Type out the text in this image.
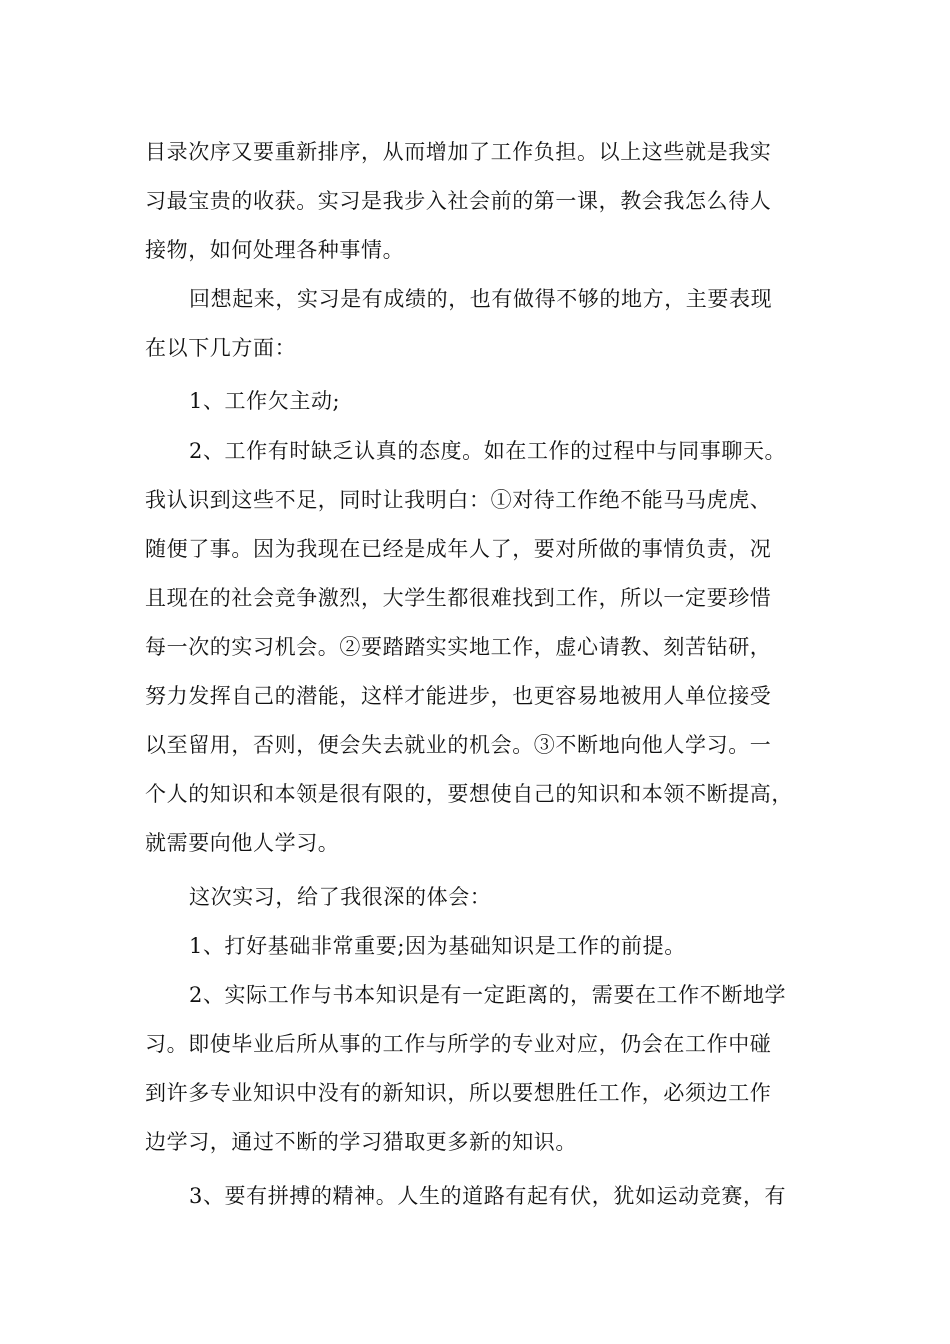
目录次序又要重新排序，从而增加了工作负担。以上这些就是我实
习最宝贵的收获。实习是我步入社会前的第一课，教会我怎么待人
接物，如何处理各种事情。
回想起来，实习是有成绩的，也有做得不够的地方，主要表现
在以下几方面：
1、工作欠主动;
2、工作有时缺乏认真的态度。如在工作的过程中与同事聊天。
我认识到这些不足，同时让我明白：①对待工作绝不能马马虎虎、
随便了事。因为我现在已经是成年人了，要对所做的事情负责，况
且现在的社会竞争激烈，大学生都很难找到工作，所以一定要珍惜
每一次的实习机会。②要踏踏实实地工作，虚心请教、刻苦钻研，
努力发挥自己的潜能，这样才能进步，也更容易地被用人单位接受
以至留用，否则，便会失去就业的机会。③不断地向他人学习。一
个人的知识和本领是很有限的，要想使自己的知识和本领不断提高，
就需要向他人学习。
这次实习，给了我很深的体会：
1、打好基础非常重要;因为基础知识是工作的前提。
2、实际工作与书本知识是有一定距离的，需要在工作不断地学
习。即使毕业后所从事的工作与所学的专业对应，仍会在工作中碰
到许多专业知识中没有的新知识，所以要想胜任工作，必须边工作
边学习，通过不断的学习猎取更多新的知识。
3、要有拼搏的精神。人生的道路有起有伏，犹如运动竞赛，有
